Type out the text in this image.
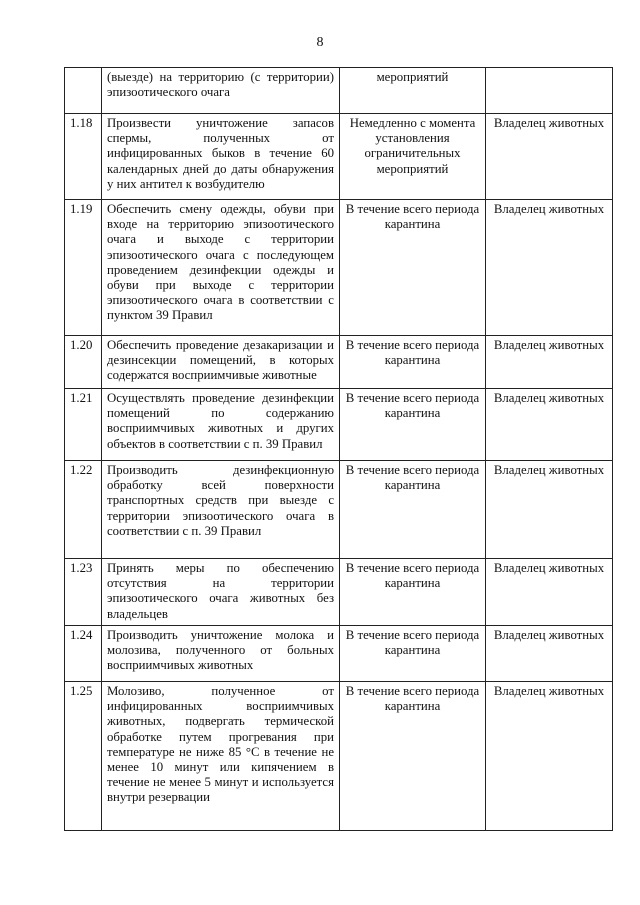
8

	(выезде) на территорию (с территории) эпизоотического очага	мероприятий	

1.18	Произвести уничтожение запасов спермы, полученных от инфицированных быков в течение 60 календарных дней до даты обнаружения у них антител к возбудителю	Немедленно с момента установления ограничительных мероприятий	Владелец животных

1.19	Обеспечить смену одежды, обуви при входе на территорию эпизоотического очага и выходе с территории эпизоотического очага с последующем проведением дезинфекции одежды и обуви при выходе с территории эпизоотического очага в соответствии с пунктом 39 Правил	В течение всего периода карантина	Владелец животных

1.20	Обеспечить проведение дезакаризации и дезинсекции помещений, в которых содержатся восприимчивые животные	В течение всего периода карантина	Владелец животных

1.21	Осуществлять проведение дезинфекции помещений по содержанию восприимчивых животных и других объектов в соответствии с п. 39 Правил	В течение всего периода карантина	Владелец животных

1.22	Производить дезинфекционную обработку всей поверхности транспортных средств при выезде с территории эпизоотического очага в соответствии с п. 39 Правил	В течение всего периода карантина	Владелец животных

1.23	Принять меры по обеспечению отсутствия на территории эпизоотического очага животных без владельцев	В течение всего периода карантина	Владелец животных

1.24	Производить уничтожение молока и молозива, полученного от больных восприимчивых животных	В течение всего периода карантина	Владелец животных

1.25	Молозиво, полученное от инфицированных восприимчивых животных, подвергать термической обработке путем прогревания при температуре не ниже 85 °C в течение не менее 10 минут или кипячением в течение не менее 5 минут и используется внутри резервации	В течение всего периода карантина	Владелец животных
